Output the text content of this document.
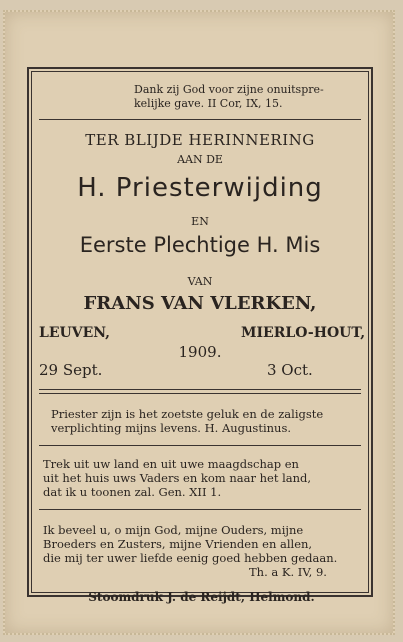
Dank zij God voor zijne onuitspre-
kelijke gave. II Cor, IX, 15.
TER BLIJDE HERINNERING
AAN DE
H. Priesterwijding
EN
Eerste Plechtige H. Mis
VAN
FRANS VAN VLERKEN,
LEUVEN,	MIERLO-HOUT,
1909.
29 Sept.	3 Oct.
Priester zijn is het zoetste geluk en de zaligste
verplichting mijns levens. H. Augustinus.
Trek uit uw land en uit uwe maagdschap en
uit het huis uws Vaders en kom naar het land,
dat ik u toonen zal. Gen. XII 1.
Ik beveel u, o mijn God, mijne Ouders, mijne
Broeders en Zusters, mijne Vrienden en allen,
die mij ter uwer liefde eenig goed hebben gedaan.
Th. a K. IV, 9.
Stoomdruk J. de Reijdt, Helmond.
